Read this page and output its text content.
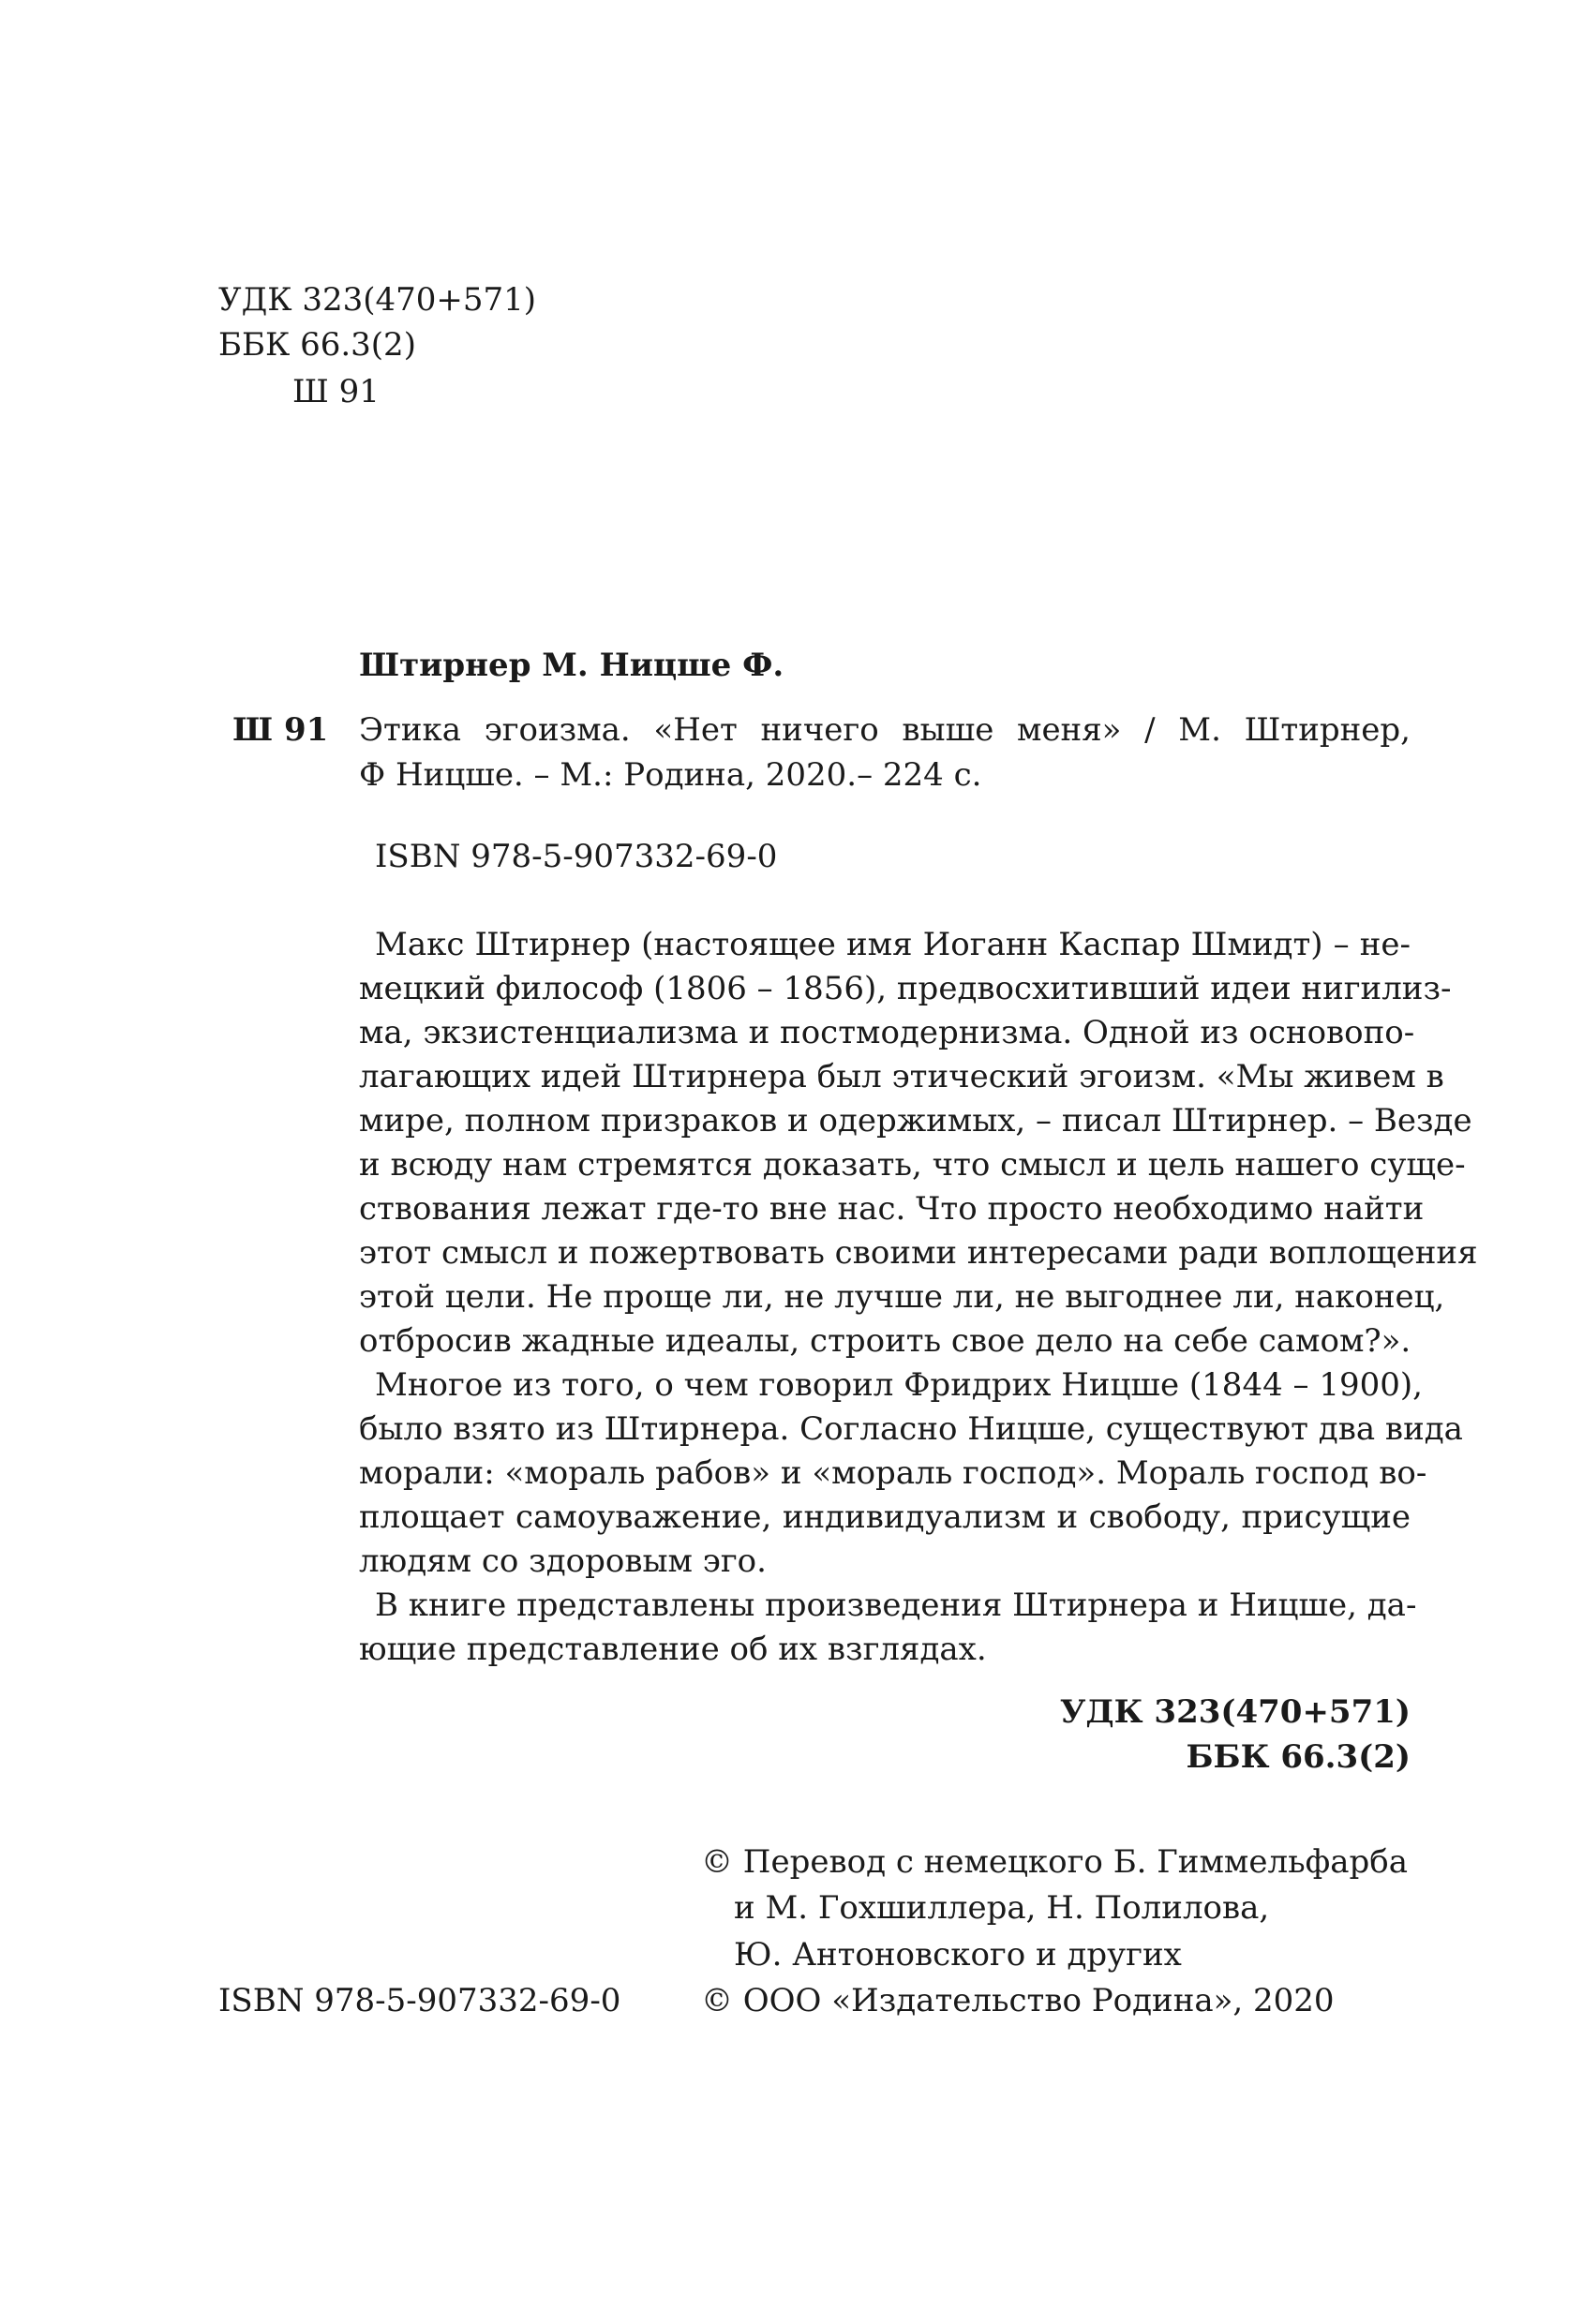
УДК 323(470+571)
ББК 66.3(2)
Ш 91
Штирнер М. Ницше Ф.
Ш 91 Этика эгоизма. «Нет ничего выше меня» / М. Штирнер,
Ф Ницше. – М.: Родина, 2020.– 224 с.
ISBN 978-5-907332-69-0
Макс Штирнер (настоящее имя Иоганн Каспар Шмидт) – не-
мецкий философ (1806 – 1856), предвосхитивший идеи нигилиз-
ма, экзистенциализма и постмодернизма. Одной из основопо-
лагающих идей Штирнера был этический эгоизм. «Мы живем в
мире, полном призраков и одержимых, – писал Штирнер. – Везде
и всюду нам стремятся доказать, что смысл и цель нашего суще-
ствования лежат где-то вне нас. Что просто необходимо найти
этот смысл и пожертвовать своими интересами ради воплощения
этой цели. Не проще ли, не лучше ли, не выгоднее ли, наконец,
отбросив жадные идеалы, строить свое дело на себе самом?».
Многое из того, о чем говорил Фридрих Ницше (1844 – 1900),
было взято из Штирнера. Согласно Ницше, существуют два вида
морали: «мораль рабов» и «мораль господ». Мораль господ во-
площает самоуважение, индивидуализм и свободу, присущие
людям со здоровым эго.
В книге представлены произведения Штирнера и Ницше, да-
ющие представление об их взглядах.
УДК 323(470+571)
ББК 66.3(2)
© Перевод с немецкого Б. Гиммельфарба
и М. Гохшиллера, Н. Полилова,
Ю. Антоновского и других
ISBN 978-5-907332-69-0	© ООО «Издательство Родина», 2020
